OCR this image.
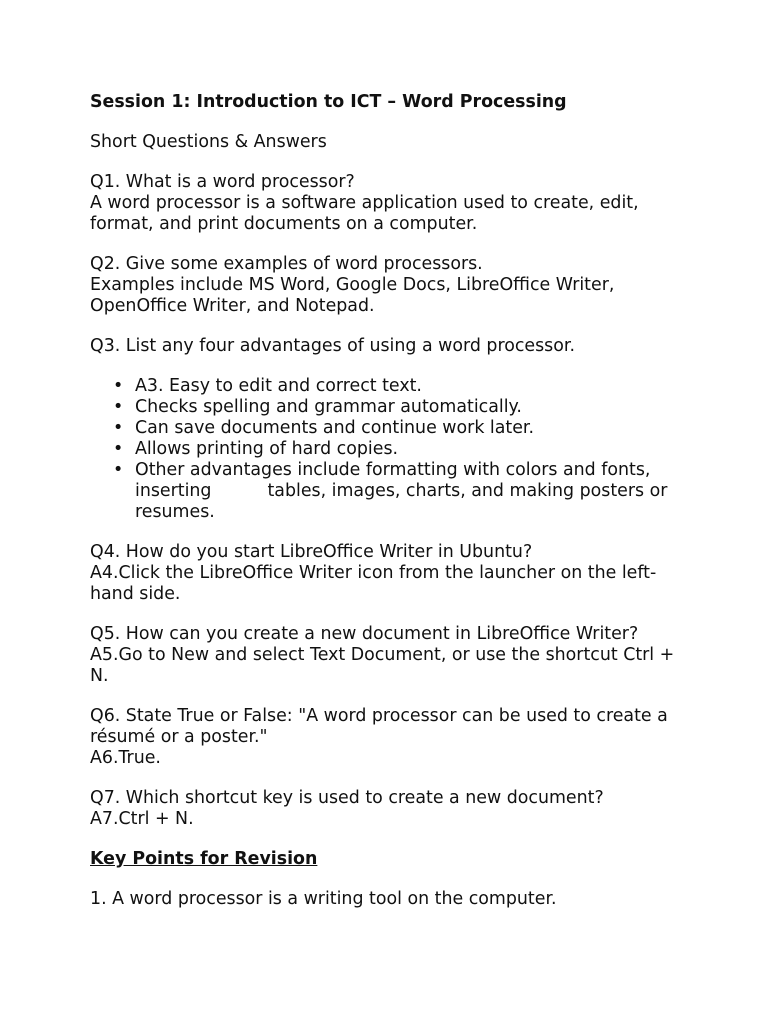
Session 1: Introduction to ICT – Word Processing
Short Questions & Answers
Q1. What is a word processor?
A word processor is a software application used to create, edit, format, and print documents on a computer.
Q2. Give some examples of word processors.
Examples include MS Word, Google Docs, LibreOffice Writer, OpenOffice Writer, and Notepad.
Q3. List any four advantages of using a word processor.
• A3. Easy to edit and correct text.
• Checks spelling and grammar automatically.
• Can save documents and continue work later.
• Allows printing of hard copies.
• Other advantages include formatting with colors and fonts, inserting	tables, images, charts, and making posters or resumes.
Q4. How do you start LibreOffice Writer in Ubuntu?
A4.Click the LibreOffice Writer icon from the launcher on the left-hand side.
Q5. How can you create a new document in LibreOffice Writer?
A5.Go to New and select Text Document, or use the shortcut Ctrl + N.
Q6. State True or False: "A word processor can be used to create a résumé or a poster."
A6.True.
Q7. Which shortcut key is used to create a new document?
A7.Ctrl + N.
Key Points for Revision
1. A word processor is a writing tool on the computer.
